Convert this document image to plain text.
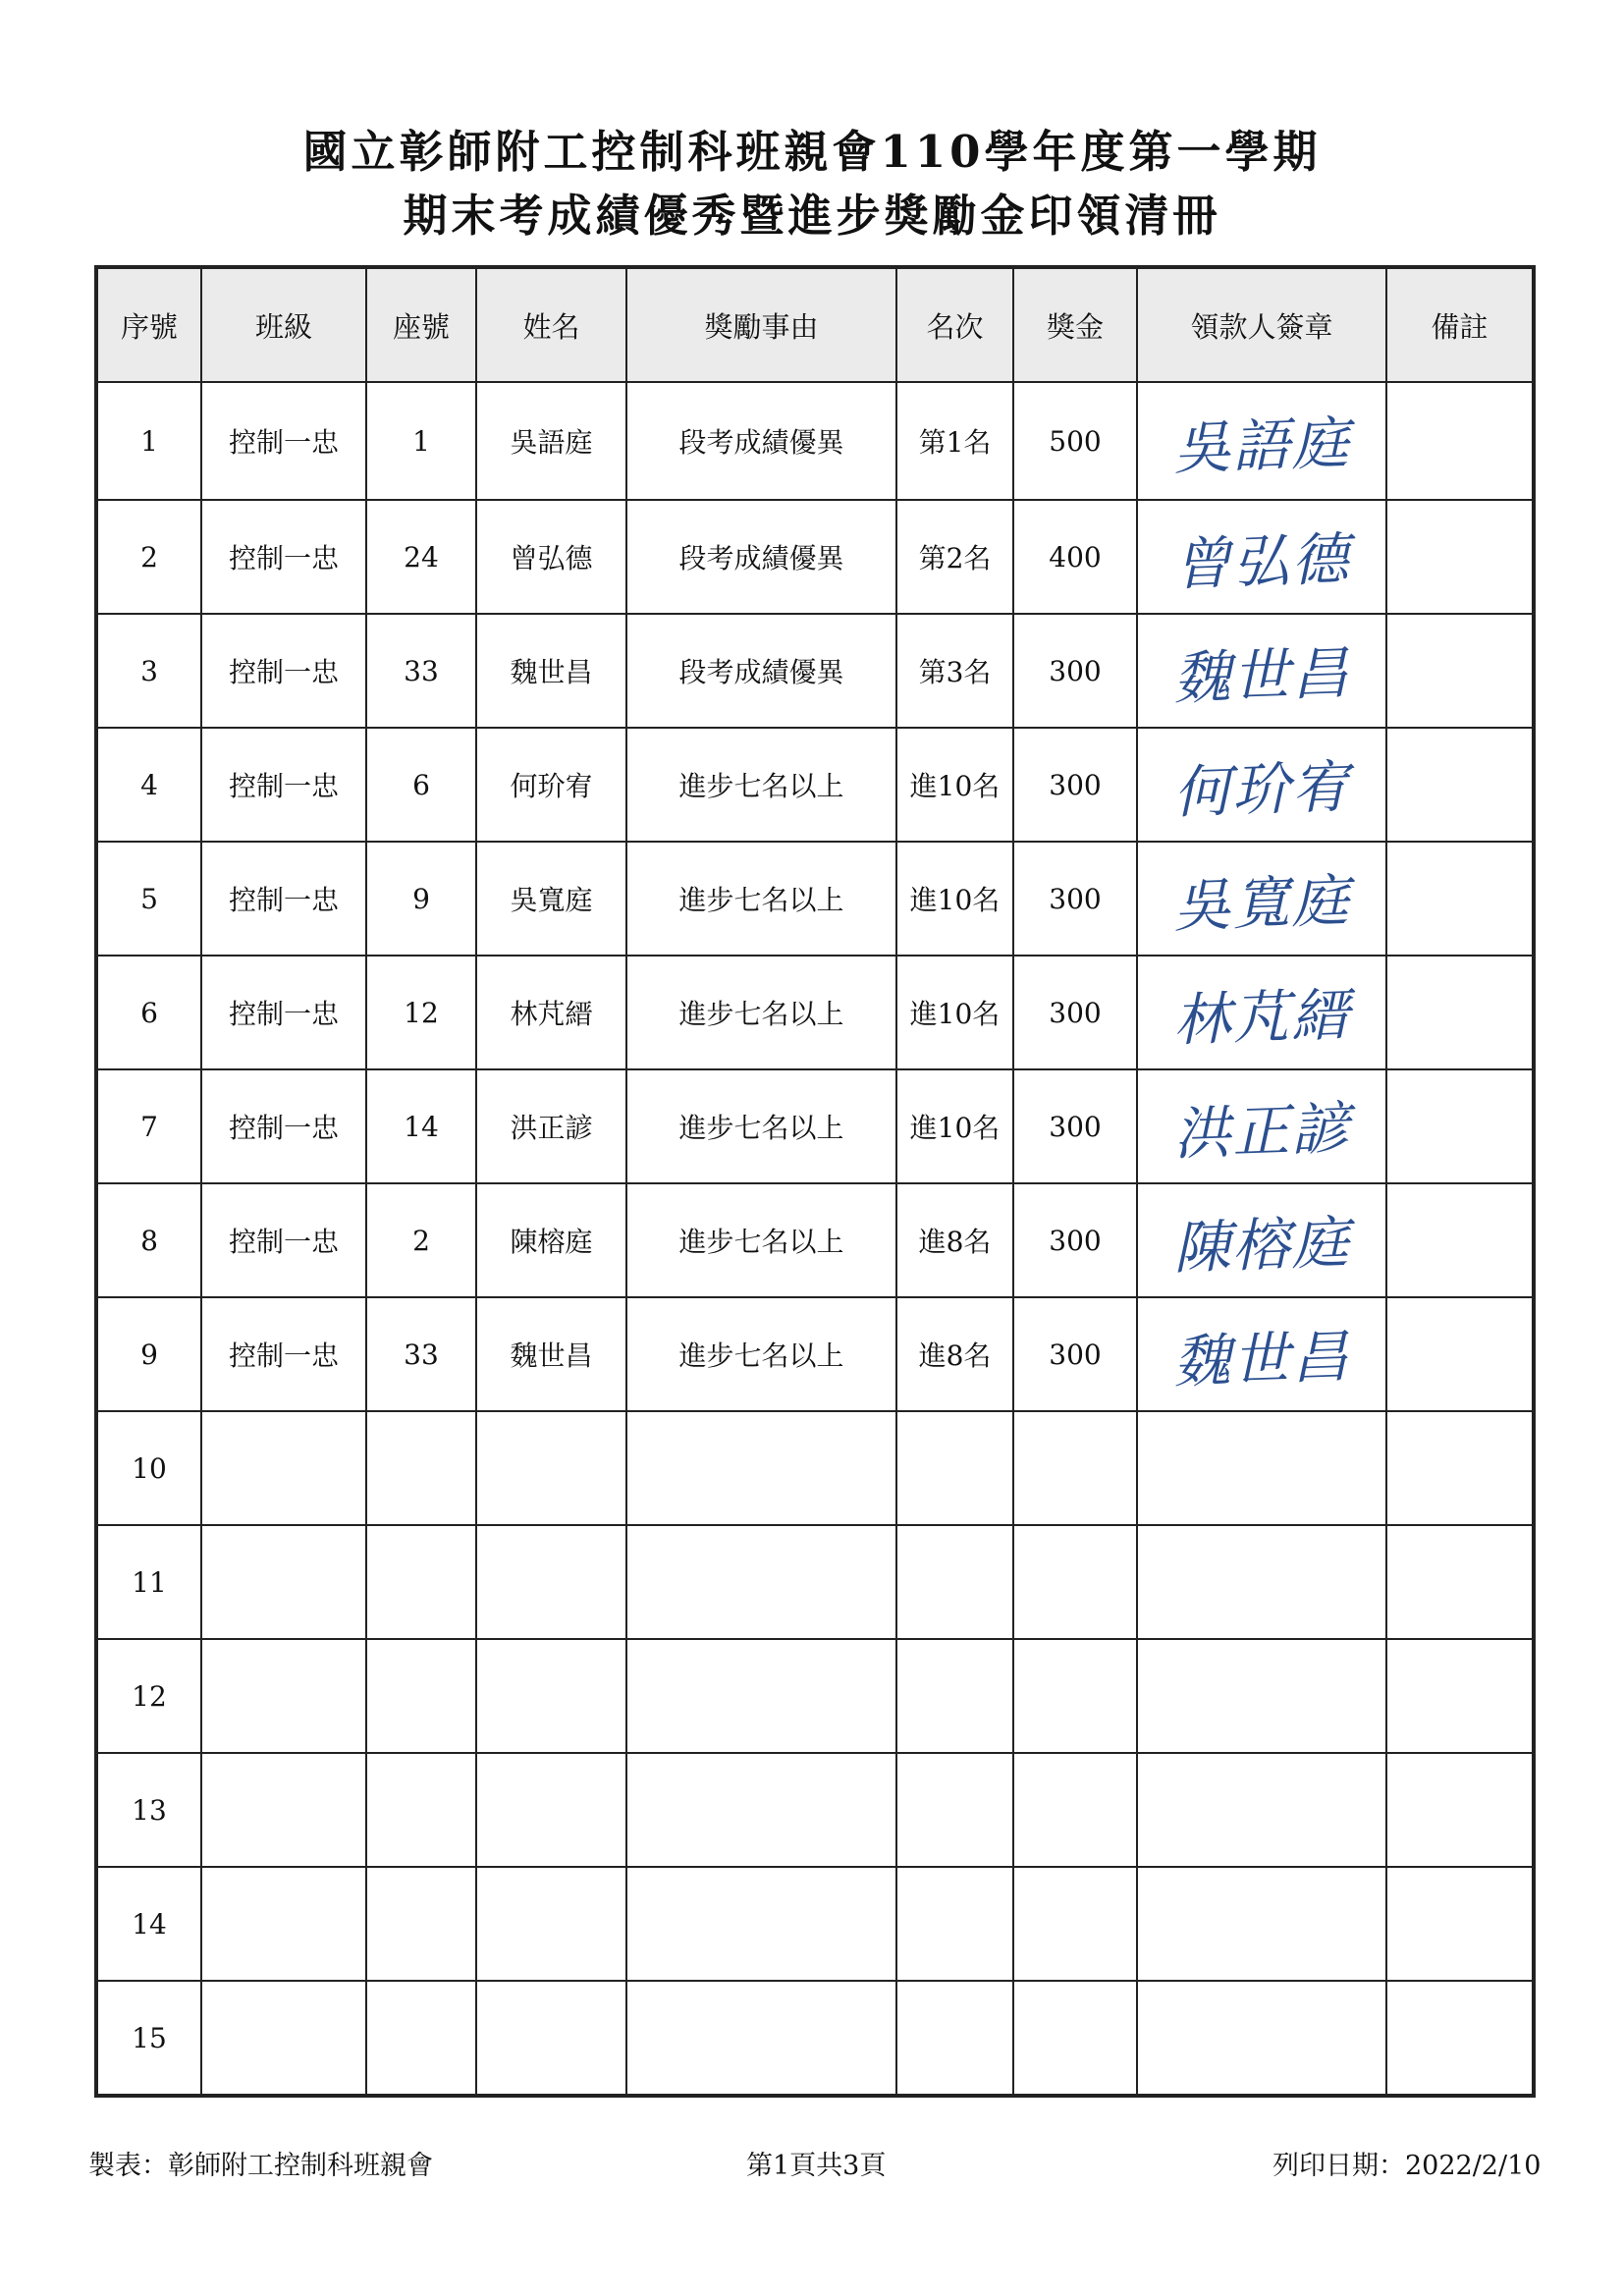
國立彰師附工控制科班親會110學年度第一學期
期末考成績優秀暨進步獎勵金印領清冊
序號	班級	座號	姓名	獎勵事由	名次	獎金	領款人簽章	備註
1	控制一忠	1	吳語庭	段考成績優異	第1名	500	吳語庭	
2	控制一忠	24	曾弘德	段考成績優異	第2名	400	曾弘德	
3	控制一忠	33	魏世昌	段考成績優異	第3名	300	魏世昌	
4	控制一忠	6	何玠宥	進步七名以上	進10名	300	何玠宥	
5	控制一忠	9	吳寬庭	進步七名以上	進10名	300	吳寬庭	
6	控制一忠	12	林芃縉	進步七名以上	進10名	300	林芃縉	
7	控制一忠	14	洪正諺	進步七名以上	進10名	300	洪正諺	
8	控制一忠	2	陳榕庭	進步七名以上	進8名	300	陳榕庭	
9	控制一忠	33	魏世昌	進步七名以上	進8名	300	魏世昌	
10								
11								
12								
13								
14								
15								
製表：彰師附工控制科班親會	第1頁共3頁	列印日期：2022/2/10
